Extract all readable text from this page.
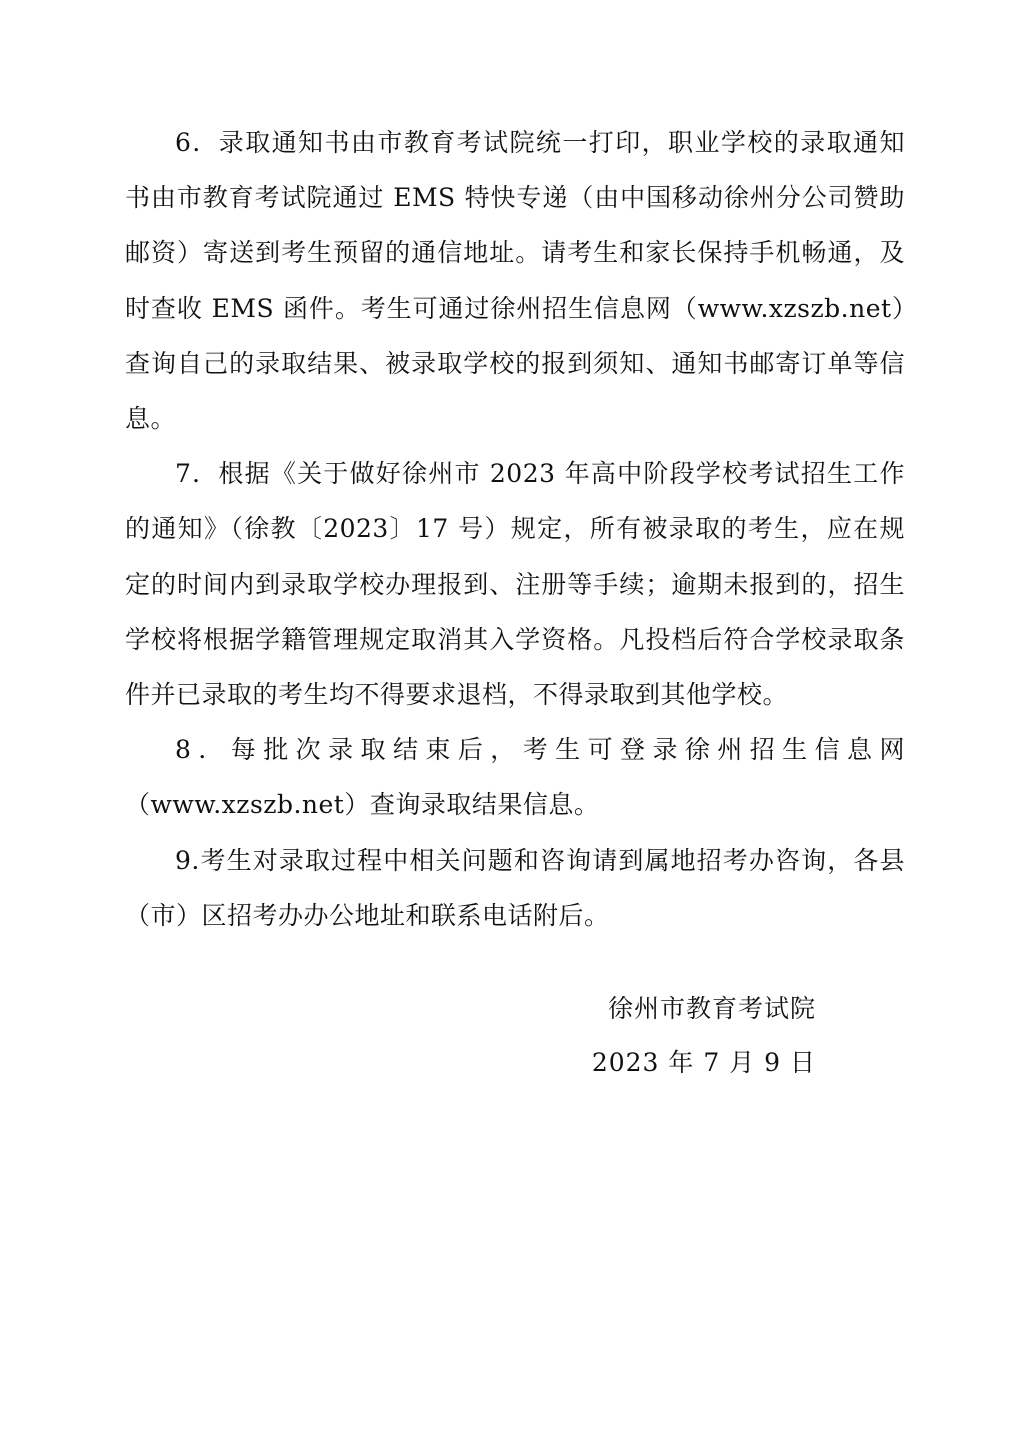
6．录取通知书由市教育考试院统一打印，职业学校的录取通知书由市教育考试院通过 EMS 特快专递（由中国移动徐州分公司赞助邮资）寄送到考生预留的通信地址。请考生和家长保持手机畅通，及时查收 EMS 函件。考生可通过徐州招生信息网（www.xzszb.net）查询自己的录取结果、被录取学校的报到须知、通知书邮寄订单等信息。

7．根据《关于做好徐州市 2023 年高中阶段学校考试招生工作的通知》（徐教〔2023〕17 号）规定，所有被录取的考生，应在规定的时间内到录取学校办理报到、注册等手续；逾期未报到的，招生学校将根据学籍管理规定取消其入学资格。凡投档后符合学校录取条件并已录取的考生均不得要求退档，不得录取到其他学校。

8．每批次录取结束后，考生可登录徐州招生信息网（www.xzszb.net）查询录取结果信息。

9.考生对录取过程中相关问题和咨询请到属地招考办咨询，各县（市）区招考办办公地址和联系电话附后。

徐州市教育考试院
2023 年 7 月 9 日
